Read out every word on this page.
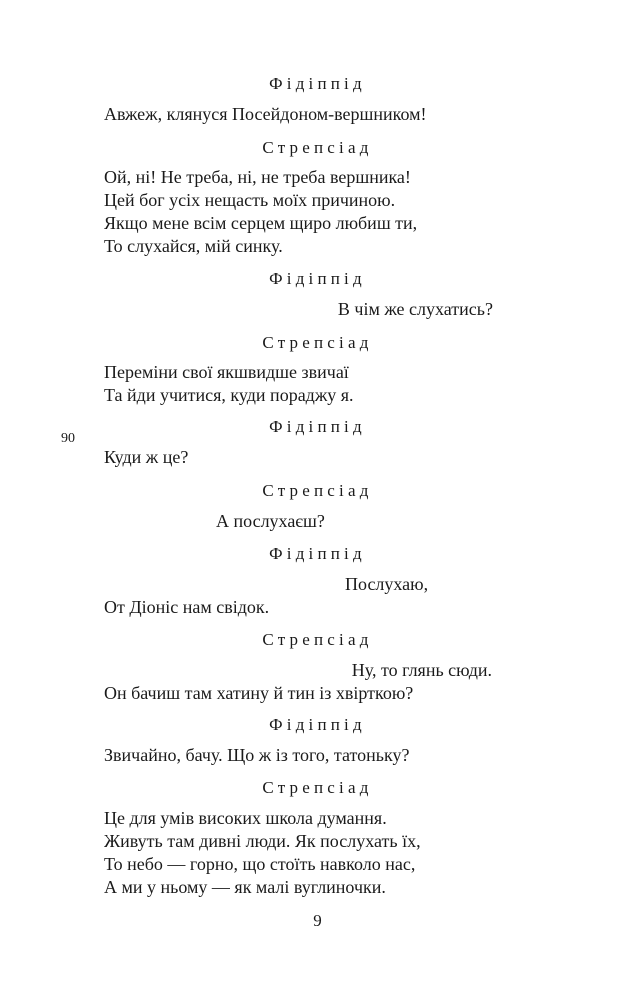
Фідіппід
Авжеж, клянуся Посейдоном-вершником!
Стрепсіад
Ой, ні! Не треба, ні, не треба вершника!
Цей бог усіх нещасть моїх причиною.
Якщо мене всім серцем щиро любиш ти,
То слухайся, мій синку.
Фідіппід
В чім же слухатись?
Стрепсіад
Переміни свої якшвидше звичаї
Та йди учитися, куди пораджу я.
Фідіппід
90
Куди ж це?
Стрепсіад
А послухаєш?
Фідіппід
Послухаю,
От Діоніс нам свідок.
Стрепсіад
Ну, то глянь сюди.
Он бачиш там хатину й тин із хвірткою?
Фідіппід
Звичайно, бачу. Що ж із того, татоньку?
Стрепсіад
Це для умів високих школа думання.
Живуть там дивні люди. Як послухать їх,
То небо — горно, що стоїть навколо нас,
А ми у ньому — як малі вуглиночки.
9
